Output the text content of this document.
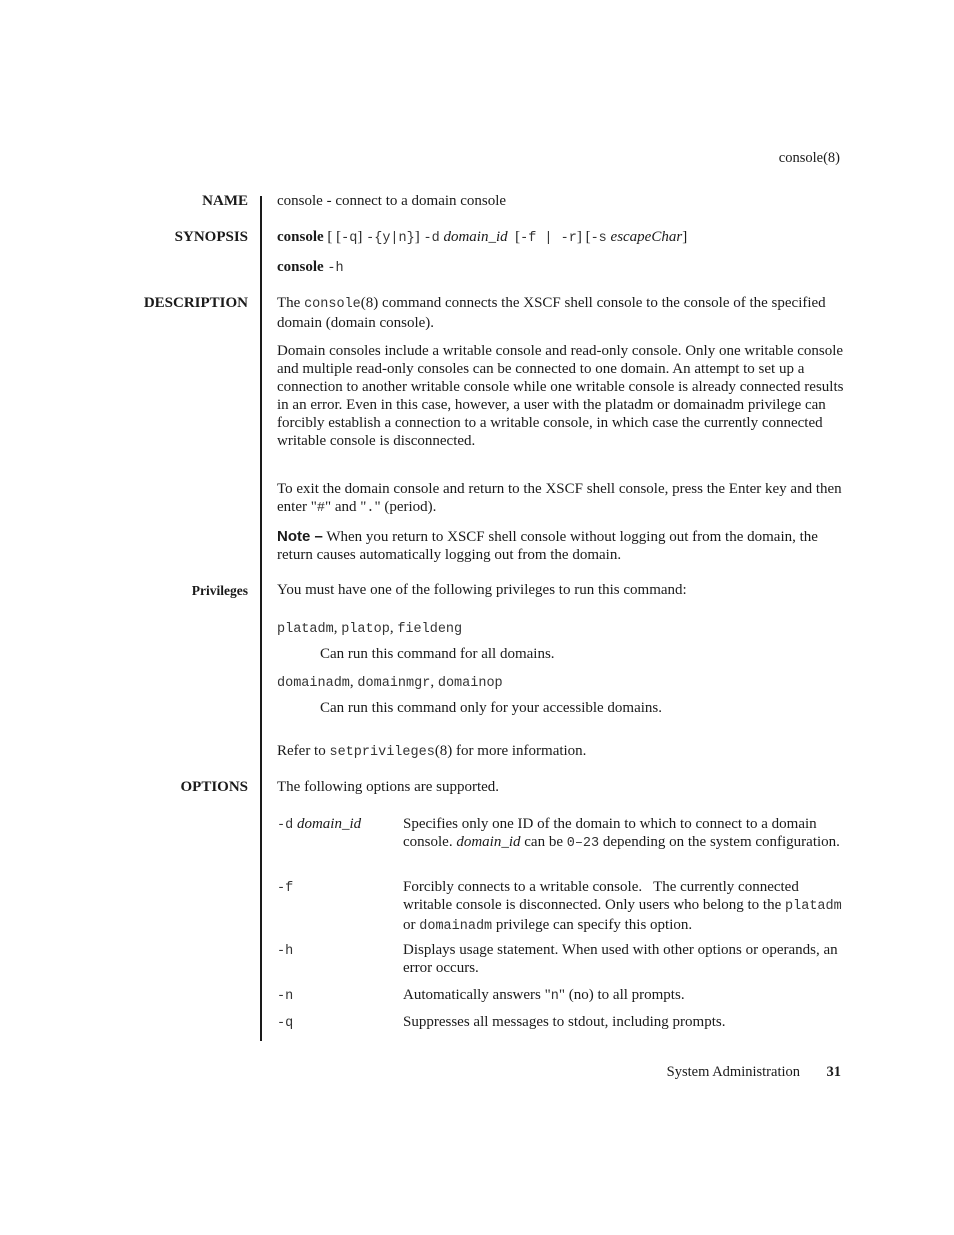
console(8)
NAME console - connect to a domain console
SYNOPSIS console [ [-q] -{y|n}] -d domain_id  [-f | -r] [-s escapeChar]
console -h
DESCRIPTION The console(8) command connects the XSCF shell console to the console of the specified domain (domain console).
Domain consoles include a writable console and read-only console. Only one writable console and multiple read-only consoles can be connected to one domain. An attempt to set up a connection to another writable console while one writable console is already connected results in an error. Even in this case, however, a user with the platadm or domainadm privilege can forcibly establish a connection to a writable console, in which case the currently connected writable console is disconnected.
To exit the domain console and return to the XSCF shell console, press the Enter key and then enter "#" and "." (period).
Note – When you return to XSCF shell console without logging out from the domain, the return causes automatically logging out from the domain.
Privileges You must have one of the following privileges to run this command:
platadm, platop, fieldeng
Can run this command for all domains.
domainadm, domainmgr, domainop
Can run this command only for your accessible domains.
Refer to setprivileges(8) for more information.
OPTIONS The following options are supported.
-d domain_id	Specifies only one ID of the domain to which to connect to a domain console. domain_id can be 0–23 depending on the system configuration.
-f	Forcibly connects to a writable console.   The currently connected writable console is disconnected. Only users who belong to the platadm or domainadm privilege can specify this option.
-h	Displays usage statement. When used with other options or operands, an error occurs.
-n	Automatically answers "n" (no) to all prompts.
-q	Suppresses all messages to stdout, including prompts.
System Administration 31
